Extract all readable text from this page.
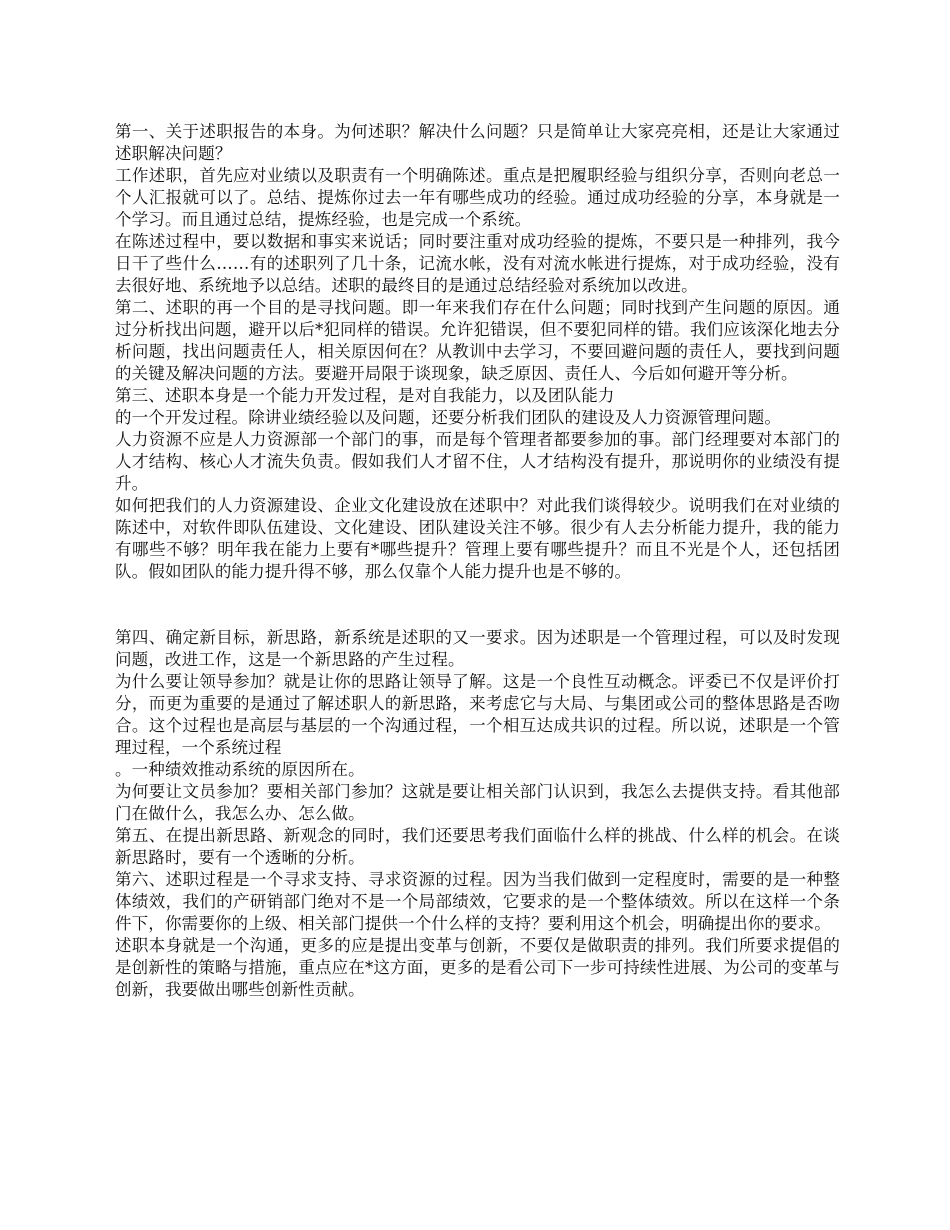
第一、关于述职报告的本身。为何述职？解决什么问题？只是简单让大家亮亮相，还是让大家通过述职解决问题？

工作述职，首先应对业绩以及职责有一个明确陈述。重点是把履职经验与组织分享，否则向老总一个人汇报就可以了。总结、提炼你过去一年有哪些成功的经验。通过成功经验的分享，本身就是一个学习。而且通过总结，提炼经验，也是完成一个系统。

在陈述过程中，要以数据和事实来说话；同时要注重对成功经验的提炼，不要只是一种排列，我今日干了些什么……有的述职列了几十条，记流水帐，没有对流水帐进行提炼，对于成功经验，没有去很好地、系统地予以总结。述职的最终目的是通过总结经验对系统加以改进。

第二、述职的再一个目的是寻找问题。即一年来我们存在什么问题；同时找到产生问题的原因。通过分析找出问题，避开以后*犯同样的错误。允许犯错误，但不要犯同样的错。我们应该深化地去分析问题，找出问题责任人，相关原因何在？从教训中去学习，不要回避问题的责任人，要找到问题的关键及解决问题的方法。要避开局限于谈现象，缺乏原因、责任人、今后如何避开等分析。

第三、述职本身是一个能力开发过程，是对自我能力，以及团队能力

的一个开发过程。除讲业绩经验以及问题，还要分析我们团队的建设及人力资源管理问题。

人力资源不应是人力资源部一个部门的事，而是每个管理者都要参加的事。部门经理要对本部门的人才结构、核心人才流失负责。假如我们人才留不住，人才结构没有提升，那说明你的业绩没有提升。

如何把我们的人力资源建设、企业文化建设放在述职中？对此我们谈得较少。说明我们在对业绩的陈述中，对软件即队伍建设、文化建设、团队建设关注不够。很少有人去分析能力提升，我的能力有哪些不够？明年我在能力上要有*哪些提升？管理上要有哪些提升？而且不光是个人，还包括团队。假如团队的能力提升得不够，那么仅靠个人能力提升也是不够的。

第四、确定新目标，新思路，新系统是述职的又一要求。因为述职是一个管理过程，可以及时发现问题，改进工作，这是一个新思路的产生过程。

为什么要让领导参加？就是让你的思路让领导了解。这是一个良性互动概念。评委已不仅是评价打分，而更为重要的是通过了解述职人的新思路，来考虑它与大局、与集团或公司的整体思路是否吻合。这个过程也是高层与基层的一个沟通过程，一个相互达成共识的过程。所以说，述职是一个管理过程，一个系统过程

。一种绩效推动系统的原因所在。

为何要让文员参加？要相关部门参加？这就是要让相关部门认识到，我怎么去提供支持。看其他部门在做什么，我怎么办、怎么做。

第五、在提出新思路、新观念的同时，我们还要思考我们面临什么样的挑战、什么样的机会。在谈新思路时，要有一个透晰的分析。

第六、述职过程是一个寻求支持、寻求资源的过程。因为当我们做到一定程度时，需要的是一种整体绩效，我们的产研销部门绝对不是一个局部绩效，它要求的是一个整体绩效。所以在这样一个条件下，你需要你的上级、相关部门提供一个什么样的支持？要利用这个机会，明确提出你的要求。

述职本身就是一个沟通，更多的应是提出变革与创新，不要仅是做职责的排列。我们所要求提倡的是创新性的策略与措施，重点应在*这方面，更多的是看公司下一步可持续性进展、为公司的变革与创新，我要做出哪些创新性贡献。
